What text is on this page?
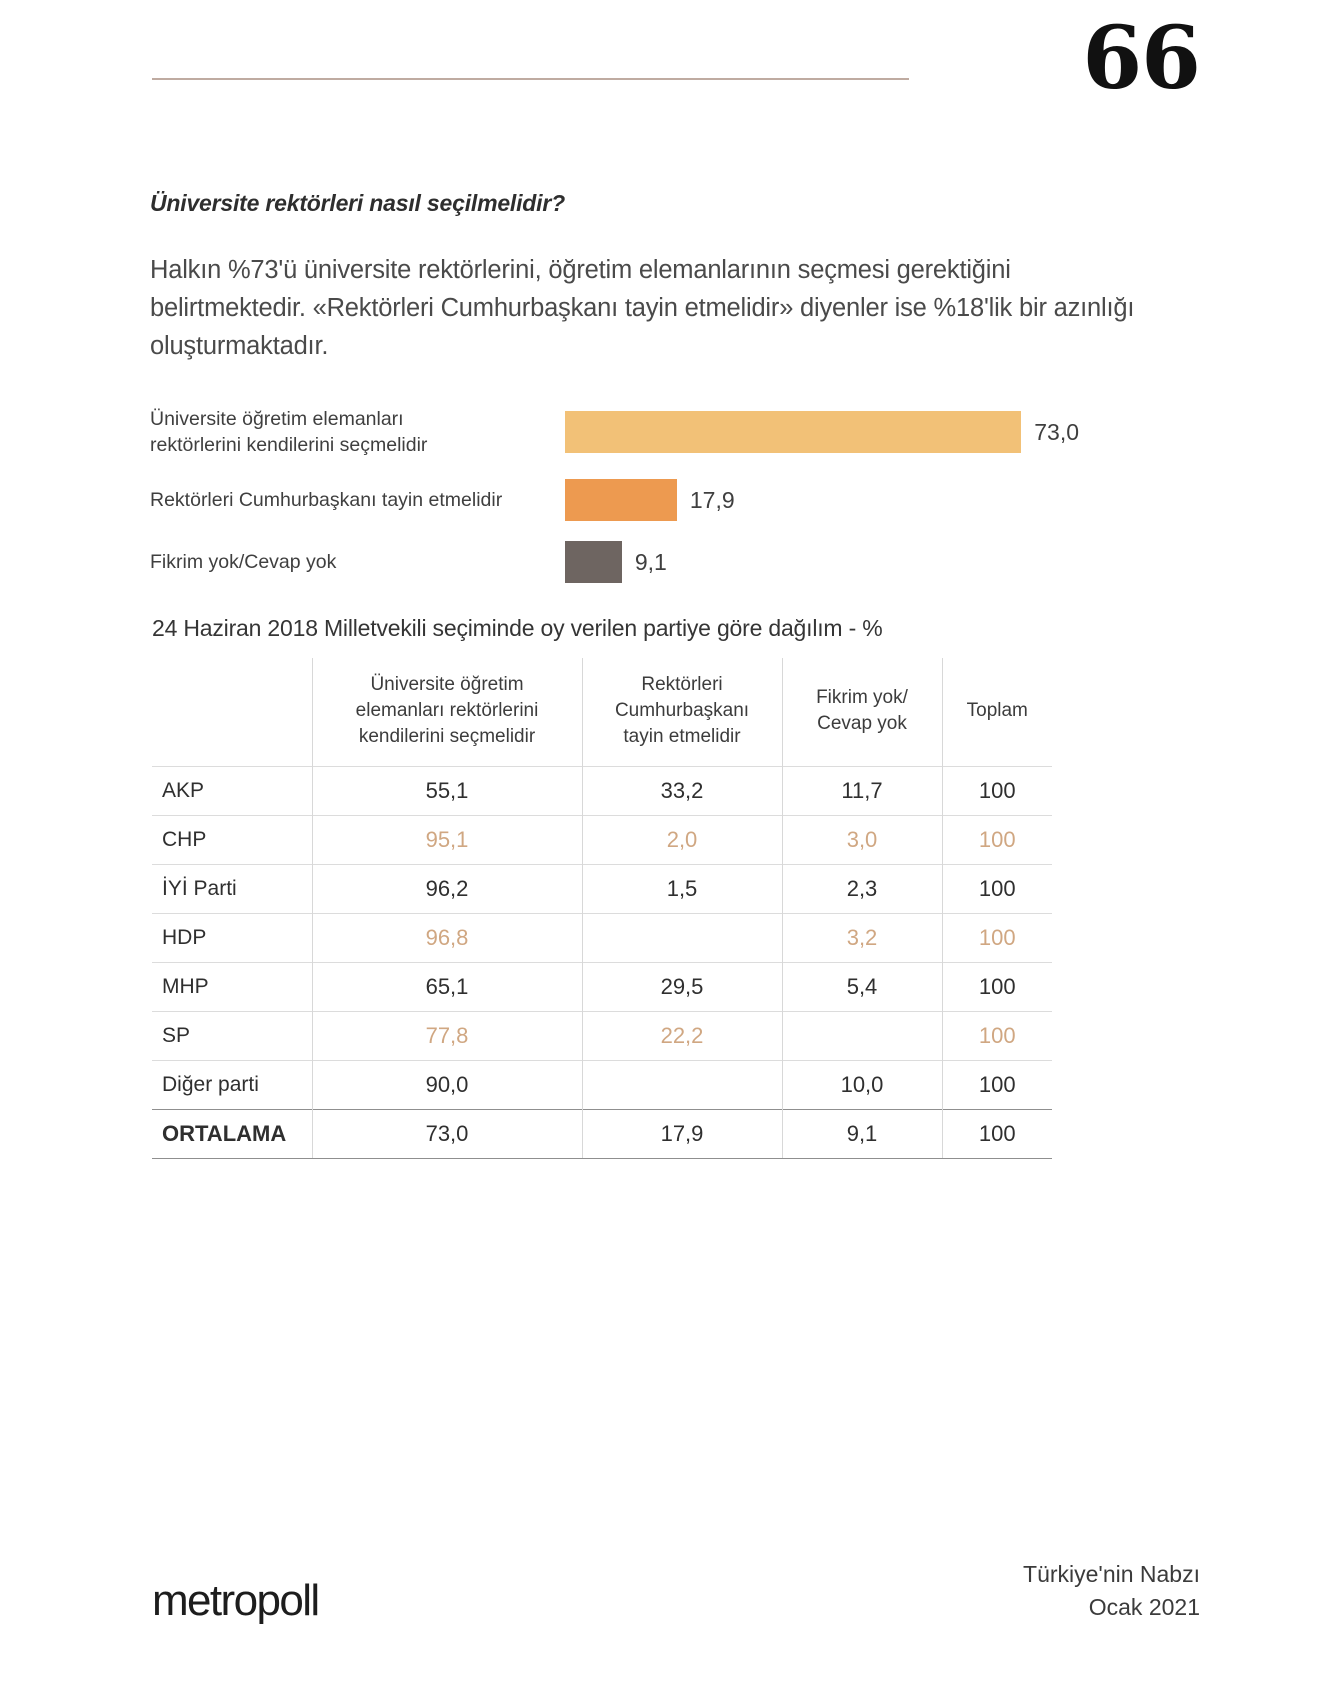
66
Üniversite rektörleri nasıl seçilmelidir?

Halkın %73'ü üniversite rektörlerini, öğretim elemanlarının seçmesi gerektiğini belirtmektedir. «Rektörleri Cumhurbaşkanı tayin etmelidir» diyenler ise %18'lik bir azınlığı oluşturmaktadır.

Üniversite öğretim elemanları
rektörlerini kendilerini seçmelidir
73,0
Rektörleri Cumhurbaşkanı tayin etmelidir	17,9
Fikrim yok/Cevap yok	9,1
24 Haziran 2018 Milletvekili seçiminde oy verilen partiye göre dağılım - %
	Üniversite öğretim
elemanları rektörlerini
kendilerini seçmelidir	Rektörleri
Cumhurbaşkanı
tayin etmelidir	Fikrim yok/
Cevap yok	Toplam
AKP	55,1	33,2	11,7	100
CHP	95,1	2,0	3,0	100
İYİ Parti	96,2	1,5	2,3	100
HDP	96,8		3,2	100
MHP	65,1	29,5	5,4	100
SP	77,8	22,2		100
Diğer parti	90,0		10,0	100
ORTALAMA	73,0	17,9	9,1	100
metropoll
Türkiye'nin Nabzı
Ocak 2021
